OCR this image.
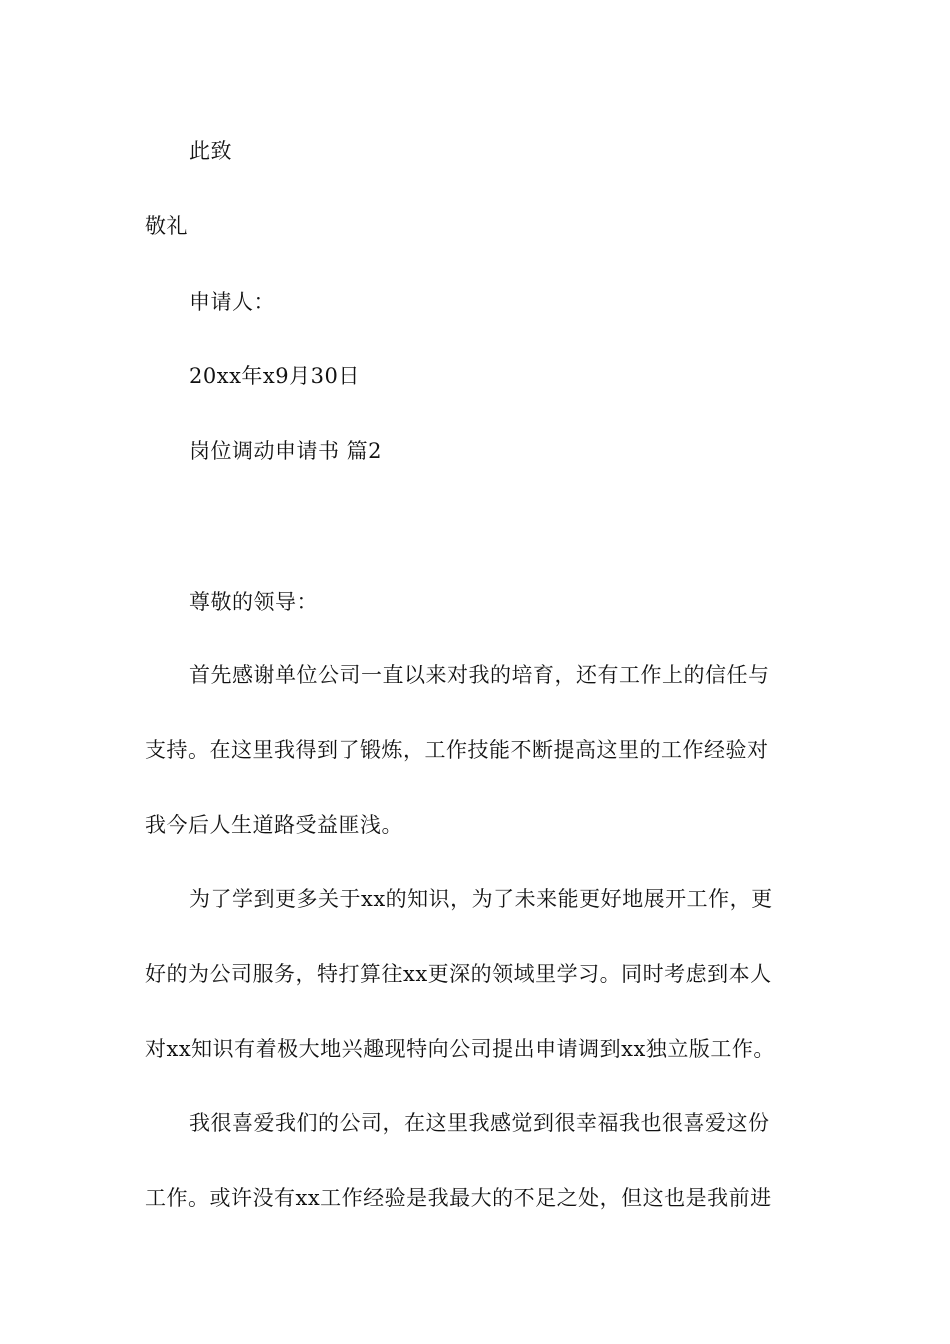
此致
敬礼
申请人：
20xx年x9月30日
岗位调动申请书 篇2
尊敬的领导：
首先感谢单位公司一直以来对我的培育，还有工作上的信任与
支持。在这里我得到了锻炼，工作技能不断提高这里的工作经验对
我今后人生道路受益匪浅。
为了学到更多关于xx的知识，为了未来能更好地展开工作，更
好的为公司服务，特打算往xx更深的领域里学习。同时考虑到本人
对xx知识有着极大地兴趣现特向公司提出申请调到xx独立版工作。
我很喜爱我们的公司，在这里我感觉到很幸福我也很喜爱这份
工作。或许没有xx工作经验是我最大的不足之处，但这也是我前进
